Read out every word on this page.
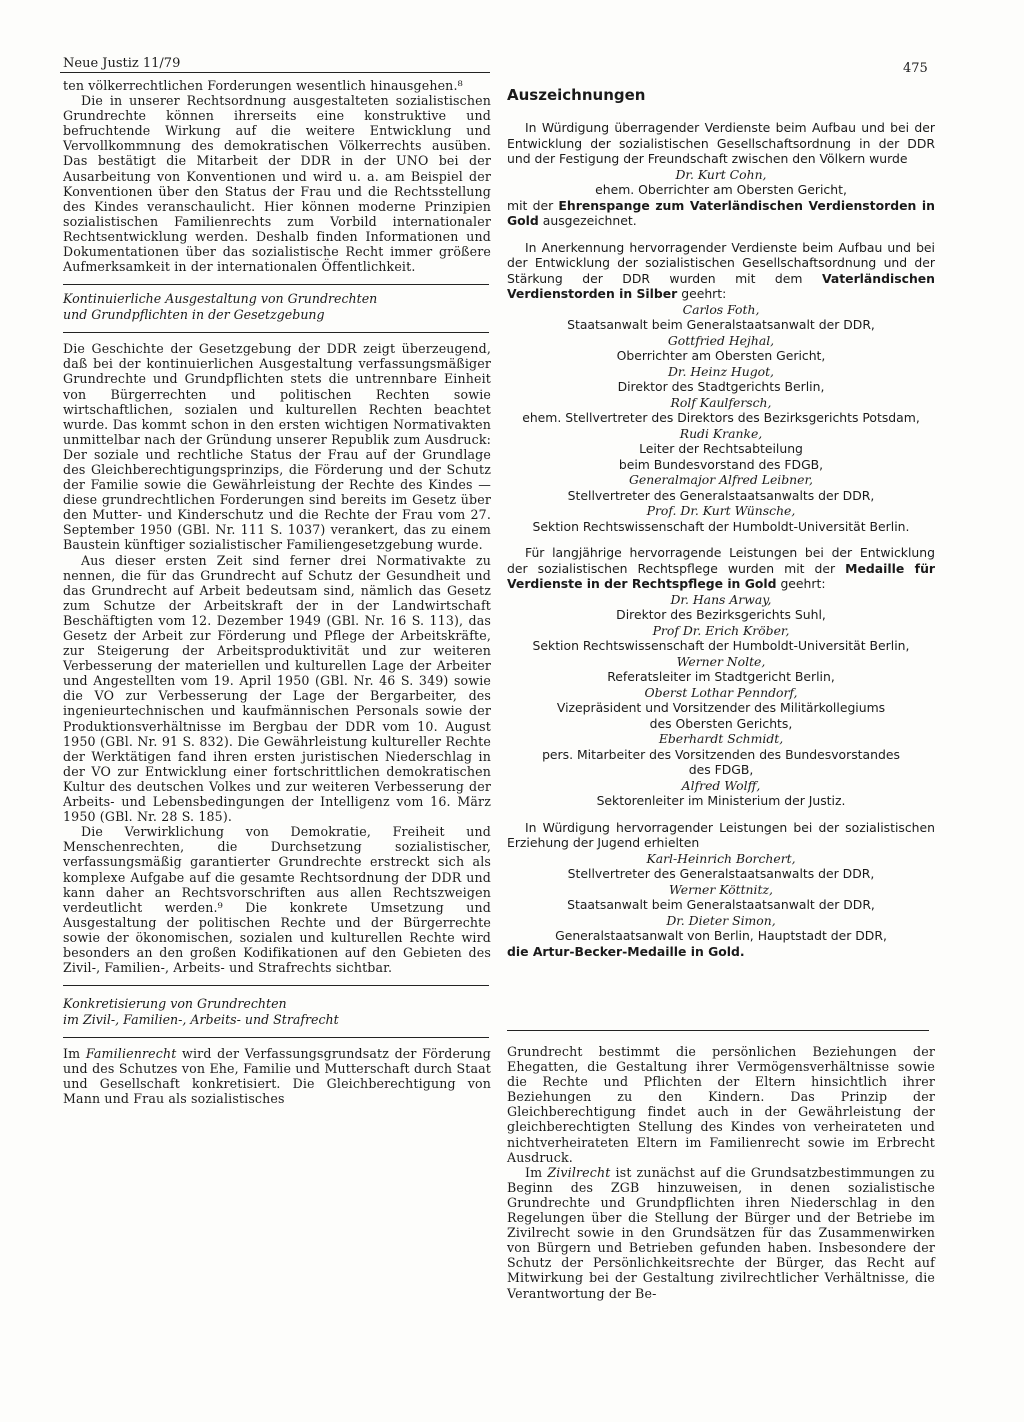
Neue Justiz 11/79	475

ten völkerrechtlichen Forderungen wesentlich hinausgehen.⁸

Die in unserer Rechtsordnung ausgestalteten sozialistischen Grundrechte können ihrerseits eine konstruktive und befruchtende Wirkung auf die weitere Entwicklung und Vervollkommnung des demokratischen Völkerrechts ausüben. Das bestätigt die Mitarbeit der DDR in der UNO bei der Ausarbeitung von Konventionen und wird u. a. am Beispiel der Konventionen über den Status der Frau und die Rechtsstellung des Kindes veranschaulicht. Hier können moderne Prinzipien sozialistischen Familienrechts zum Vorbild internationaler Rechtsentwicklung werden. Deshalb finden Informationen und Dokumentationen über das sozialistische Recht immer größere Aufmerksamkeit in der internationalen Öffentlichkeit.

Kontinuierliche Ausgestaltung von Grundrechten

und Grundpflichten in der Gesetzgebung

Die Geschichte der Gesetzgebung der DDR zeigt überzeugend, daß bei der kontinuierlichen Ausgestaltung verfassungsmäßiger Grundrechte und Grundpflichten stets die untrennbare Einheit von Bürgerrechten und politischen Rechten sowie wirtschaftlichen, sozialen und kulturellen Rechten beachtet wurde. Das kommt schon in den ersten wichtigen Normativakten unmittelbar nach der Gründung unserer Republik zum Ausdruck: Der soziale und rechtliche Status der Frau auf der Grundlage des Gleichberechtigungsprinzips, die Förderung und der Schutz der Familie sowie die Gewährleistung der Rechte des Kindes — diese grundrechtlichen Forderungen sind bereits im Gesetz über den Mutter- und Kinderschutz und die Rechte der Frau vom 27. September 1950 (GBl. Nr. 111 S. 1037) verankert, das zu einem Baustein künftiger sozialistischer Familiengesetzgebung wurde.

Aus dieser ersten Zeit sind ferner drei Normativakte zu nennen, die für das Grundrecht auf Schutz der Gesundheit und das Grundrecht auf Arbeit bedeutsam sind, nämlich das Gesetz zum Schutze der Arbeitskraft der in der Landwirtschaft Beschäftigten vom 12. Dezember 1949 (GBl. Nr. 16 S. 113), das Gesetz der Arbeit zur Förderung und Pflege der Arbeitskräfte, zur Steigerung der Arbeitsproduktivität und zur weiteren Verbesserung der materiellen und kulturellen Lage der Arbeiter und Angestellten vom 19. April 1950 (GBl. Nr. 46 S. 349) sowie die VO zur Verbesserung der Lage der Bergarbeiter, des ingenieurtechnischen und kaufmännischen Personals sowie der Produktionsverhältnisse im Bergbau der DDR vom 10. August 1950 (GBl. Nr. 91 S. 832). Die Gewährleistung kultureller Rechte der Werktätigen fand ihren ersten juristischen Niederschlag in der VO zur Entwicklung einer fortschrittlichen demokratischen Kultur des deutschen Volkes und zur weiteren Verbesserung der Arbeits- und Lebensbedingungen der Intelligenz vom 16. März 1950 (GBl. Nr. 28 S. 185).

Die Verwirklichung von Demokratie, Freiheit und Menschenrechten, die Durchsetzung sozialistischer, verfassungsmäßig garantierter Grundrechte erstreckt sich als komplexe Aufgabe auf die gesamte Rechtsordnung der DDR und kann daher an Rechtsvorschriften aus allen Rechtszweigen verdeutlicht werden.⁹ Die konkrete Umsetzung und Ausgestaltung der politischen Rechte und der Bürgerrechte sowie der ökonomischen, sozialen und kulturellen Rechte wird besonders an den großen Kodifikationen auf den Gebieten des Zivil-, Familien-, Arbeits- und Strafrechts sichtbar.

Konkretisierung von Grundrechten

im Zivil-, Familien-, Arbeits- und Strafrecht

Im Familienrecht wird der Verfassungsgrundsatz der Förderung und des Schutzes von Ehe, Familie und Mutterschaft durch Staat und Gesellschaft konkretisiert. Die Gleichberechtigung von Mann und Frau als sozialistisches

Auszeichnungen

In Würdigung überragender Verdienste beim Aufbau und bei der Entwicklung der sozialistischen Gesellschaftsordnung in der DDR und der Festigung der Freundschaft zwischen den Völkern wurde

Dr. Kurt Cohn,

ehem. Oberrichter am Obersten Gericht,

mit der Ehrenspange zum Vaterländischen Verdienstorden in Gold ausgezeichnet.

In Anerkennung hervorragender Verdienste beim Aufbau und bei der Entwicklung der sozialistischen Gesellschaftsordnung und der Stärkung der DDR wurden mit dem Vaterländischen Verdienstorden in Silber geehrt:

Carlos Foth,

Staatsanwalt beim Generalstaatsanwalt der DDR,

Gottfried Hejhal,

Oberrichter am Obersten Gericht,

Dr. Heinz Hugot,

Direktor des Stadtgerichts Berlin,

Rolf Kaulfersch,

ehem. Stellvertreter des Direktors des Bezirksgerichts Potsdam,

Rudi Kranke,

Leiter der Rechtsabteilung

beim Bundesvorstand des FDGB,

Generalmajor Alfred Leibner,

Stellvertreter des Generalstaatsanwalts der DDR,

Prof. Dr. Kurt Wünsche,

Sektion Rechtswissenschaft der Humboldt-Universität Berlin.

Für langjährige hervorragende Leistungen bei der Entwicklung der sozialistischen Rechtspflege wurden mit der Medaille für Verdienste in der Rechtspflege in Gold geehrt:

Dr. Hans Arway,

Direktor des Bezirksgerichts Suhl,

Prof Dr. Erich Kröber,

Sektion Rechtswissenschaft der Humboldt-Universität Berlin,

Werner Nolte,

Referatsleiter im Stadtgericht Berlin,

Oberst Lothar Penndorf,

Vizepräsident und Vorsitzender des Militärkollegiums

des Obersten Gerichts,

Eberhardt Schmidt,

pers. Mitarbeiter des Vorsitzenden des Bundesvorstandes

des FDGB,

Alfred Wolff,

Sektorenleiter im Ministerium der Justiz.

In Würdigung hervorragender Leistungen bei der sozialistischen Erziehung der Jugend erhielten

Karl-Heinrich Borchert,

Stellvertreter des Generalstaatsanwalts der DDR,

Werner Köttnitz,

Staatsanwalt beim Generalstaatsanwalt der DDR,

Dr. Dieter Simon,

Generalstaatsanwalt von Berlin, Hauptstadt der DDR,

die Artur-Becker-Medaille in Gold.

Grundrecht bestimmt die persönlichen Beziehungen der Ehegatten, die Gestaltung ihrer Vermögensverhältnisse sowie die Rechte und Pflichten der Eltern hinsichtlich ihrer Beziehungen zu den Kindern. Das Prinzip der Gleichberechtigung findet auch in der Gewährleistung der gleichberechtigten Stellung des Kindes von verheirateten und nichtverheirateten Eltern im Familienrecht sowie im Erbrecht Ausdruck.

Im Zivilrecht ist zunächst auf die Grundsatzbestimmungen zu Beginn des ZGB hinzuweisen, in denen sozialistische Grundrechte und Grundpflichten ihren Niederschlag in den Regelungen über die Stellung der Bürger und der Betriebe im Zivilrecht sowie in den Grundsätzen für das Zusammenwirken von Bürgern und Betrieben gefunden haben. Insbesondere der Schutz der Persönlichkeitsrechte der Bürger, das Recht auf Mitwirkung bei der Gestaltung zivilrechtlicher Verhältnisse, die Verantwortung der Be-
